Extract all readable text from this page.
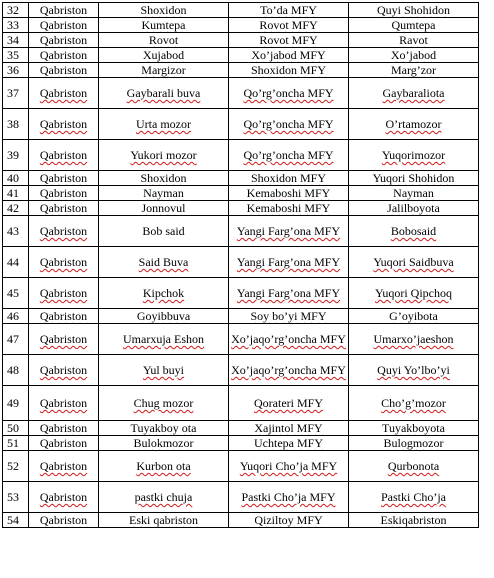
32	Qabriston	Shoxidon	To’da MFY	Quyi Shohidon
33	Qabriston	Kumtepa	Rovot MFY	Qumtepa
34	Qabriston	Rovot	Rovot MFY	Ravot
35	Qabriston	Xujabod	Xo’jabod MFY	Xo’jabod
36	Qabriston	Margizor	Shoxidon MFY	Marg’zor
37	Qabriston	Gaybarali buva	Qo’rg’oncha MFY	Gaybaraliota
38	Qabriston	Urta mozor	Qo’rg’oncha MFY	O’rtamozor
39	Qabriston	Yukori mozor	Qo’rg’oncha MFY	Yuqorimozor
40	Qabriston	Shoxidon	Shoxidon MFY	Yuqori Shohidon
41	Qabriston	Nayman	Kemaboshi MFY	Nayman
42	Qabriston	Jonnovul	Kemaboshi MFY	Jalilboyota
43	Qabriston	Bob said	Yangi Farg’ona MFY	Bobosaid
44	Qabriston	Said Buva	Yangi Farg’ona MFY	Yuqori Saidbuva
45	Qabriston	Kipchok	Yangi Farg’ona MFY	Yuqori Qipchoq
46	Qabriston	Goyibbuva	Soy bo’yi MFY	G’oyibota
47	Qabriston	Umarxuja Eshon	Xo’jaqo’rg’oncha MFY	Umarxo’jaeshon
48	Qabriston	Yul buyi	Xo’jaqo’rg’oncha MFY	Quyi Yo’lbo’yi
49	Qabriston	Chug mozor	Qorateri MFY	Cho’g’mozor
50	Qabriston	Tuyakboy ota	Xajintol MFY	Tuyakboyota
51	Qabriston	Bulokmozor	Uchtepa MFY	Bulogmozor
52	Qabriston	Kurbon ota	Yuqori Cho’ja MFY	Qurbonota
53	Qabriston	pastki chuja	Pastki Cho’ja MFY	Pastki Cho’ja
54	Qabriston	Eski qabriston	Qiziltoy MFY	Eskiqabriston
